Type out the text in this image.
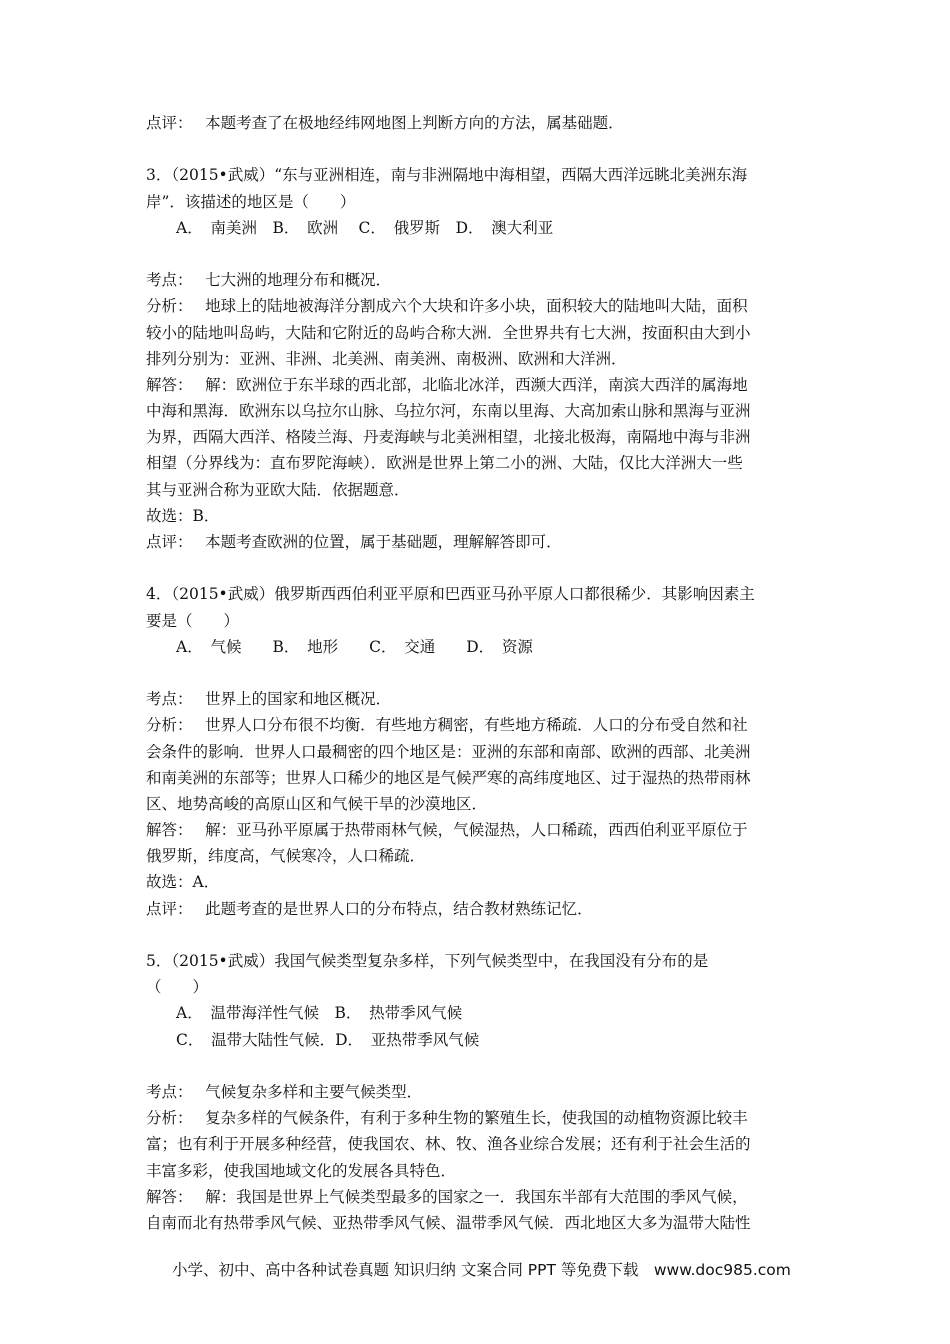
点评：　 本题考查了在极地经纬网地图上判断方向的方法，属基础题．
3．（2015•武威）“东与亚洲相连，南与非洲隔地中海相望，西隔大西洋远眺北美洲东海
岸”．该描述的地区是（　　）
A．　南美洲　B．　欧洲　 C．　俄罗斯　D．　澳大利亚
考点：　 七大洲的地理分布和概况．
分析：　 地球上的陆地被海洋分割成六个大块和许多小块，面积较大的陆地叫大陆，面积
较小的陆地叫岛屿，大陆和它附近的岛屿合称大洲．全世界共有七大洲，按面积由大到小
排列分别为：亚洲、非洲、北美洲、南美洲、南极洲、欧洲和大洋洲．
解答：　 解：欧洲位于东半球的西北部，北临北冰洋，西濒大西洋，南滨大西洋的属海地
中海和黑海．欧洲东以乌拉尔山脉、乌拉尔河，东南以里海、大高加索山脉和黑海与亚洲
为界，西隔大西洋、格陵兰海、丹麦海峡与北美洲相望，北接北极海，南隔地中海与非洲
相望（分界线为：直布罗陀海峡）．欧洲是世界上第二小的洲、大陆，仅比大洋洲大一些
其与亚洲合称为亚欧大陆．依据题意．
故选：B．
点评：　 本题考查欧洲的位置，属于基础题，理解解答即可．
4．（2015•武威）俄罗斯西西伯利亚平原和巴西亚马孙平原人口都很稀少．其影响因素主
要是（　　）
A．　气候　　B．　地形　　C．　交通　　D．　资源
考点：　 世界上的国家和地区概况．
分析：　 世界人口分布很不均衡．有些地方稠密，有些地方稀疏．人口的分布受自然和社
会条件的影响．世界人口最稠密的四个地区是：亚洲的东部和南部、欧洲的西部、北美洲
和南美洲的东部等；世界人口稀少的地区是气候严寒的高纬度地区、过于湿热的热带雨林
区、地势高峻的高原山区和气候干旱的沙漠地区．
解答：　 解：亚马孙平原属于热带雨林气候，气候湿热，人口稀疏，西西伯利亚平原位于
俄罗斯，纬度高，气候寒冷，人口稀疏．
故选：A．
点评：　 此题考查的是世界人口的分布特点，结合教材熟练记忆．
5．（2015•武威）我国气候类型复杂多样，下列气候类型中，在我国没有分布的是
（　　）
A．　温带海洋性气候　B．　热带季风气候
C．　温带大陆性气候．D．　亚热带季风气候
考点：　 气候复杂多样和主要气候类型．
分析：　 复杂多样的气候条件，有利于多种生物的繁殖生长，使我国的动植物资源比较丰
富；也有利于开展多种经营，使我国农、林、牧、渔各业综合发展；还有利于社会生活的
丰富多彩，使我国地域文化的发展各具特色．
解答：　 解：我国是世界上气候类型最多的国家之一．我国东半部有大范围的季风气候，
自南而北有热带季风气候、亚热带季风气候、温带季风气候．西北地区大多为温带大陆性
小学、初中、高中各种试卷真题 知识归纳 文案合同 PPT 等免费下载　www.doc985.com
